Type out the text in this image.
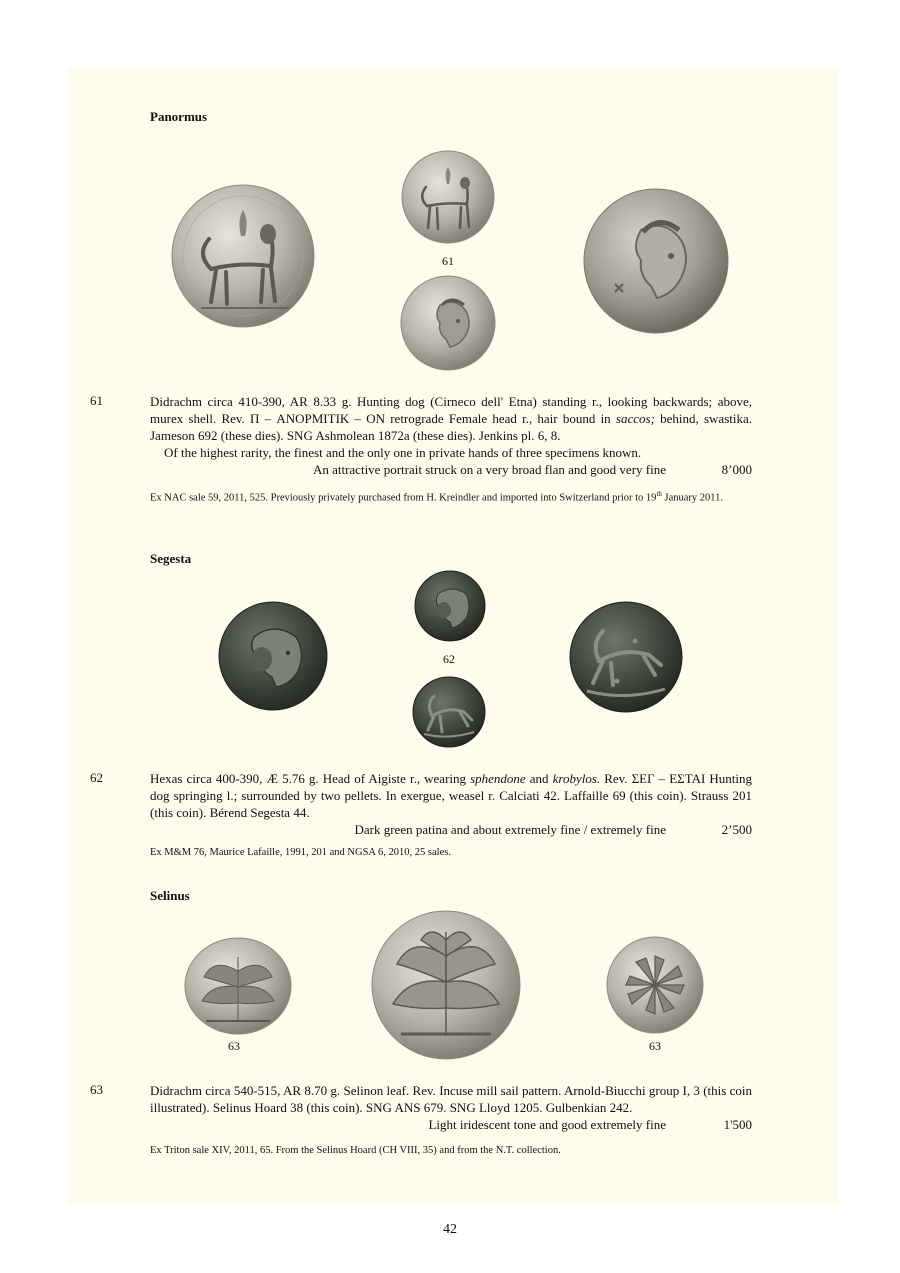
Panormus
61
61	Didrachm circa 410-390, AR 8.33 g. Hunting dog (Cirneco dell' Etna) standing r., looking backwards; above, murex shell. Rev. Π – ANOPMITIK – ON retrograde Female head r., hair bound in saccos; behind, swastika. Jameson 692 (these dies). SNG Ashmolean 1872a (these dies). Jenkins pl. 6, 8.

Of the highest rarity, the finest and the only one in private hands of three specimens known.

An attractive portrait struck on a very broad flan and good very fine	8’000
Ex NAC sale 59, 2011, 525. Previously privately purchased from H. Kreindler and imported into Switzerland prior to 19th January 2011.
Segesta
62
62	Hexas circa 400-390, Æ 5.76 g. Head of Aigiste r., wearing sphendone and krobylos. Rev. ΣΕΓ – ΕΣΤΑΙ Hunting dog springing l.; surrounded by two pellets. In exergue, weasel r. Calciati 42. Laffaille 69 (this coin). Strauss 201 (this coin). Bérend Segesta 44.

Dark green patina and about extremely fine / extremely fine	2’500
Ex M&M 76, Maurice Lafaille, 1991, 201 and NGSA 6, 2010, 25 sales.
Selinus
63	63
63	Didrachm circa 540-515, AR 8.70 g. Selinon leaf. Rev. Incuse mill sail pattern. Arnold-Biucchi group I, 3 (this coin illustrated). Selinus Hoard 38 (this coin). SNG ANS 679. SNG Lloyd 1205. Gulbenkian 242.

Light iridescent tone and good extremely fine	1'500
Ex Triton sale XIV, 2011, 65. From the Selinus Hoard (CH VIII, 35) and from the N.T. collection.
42
